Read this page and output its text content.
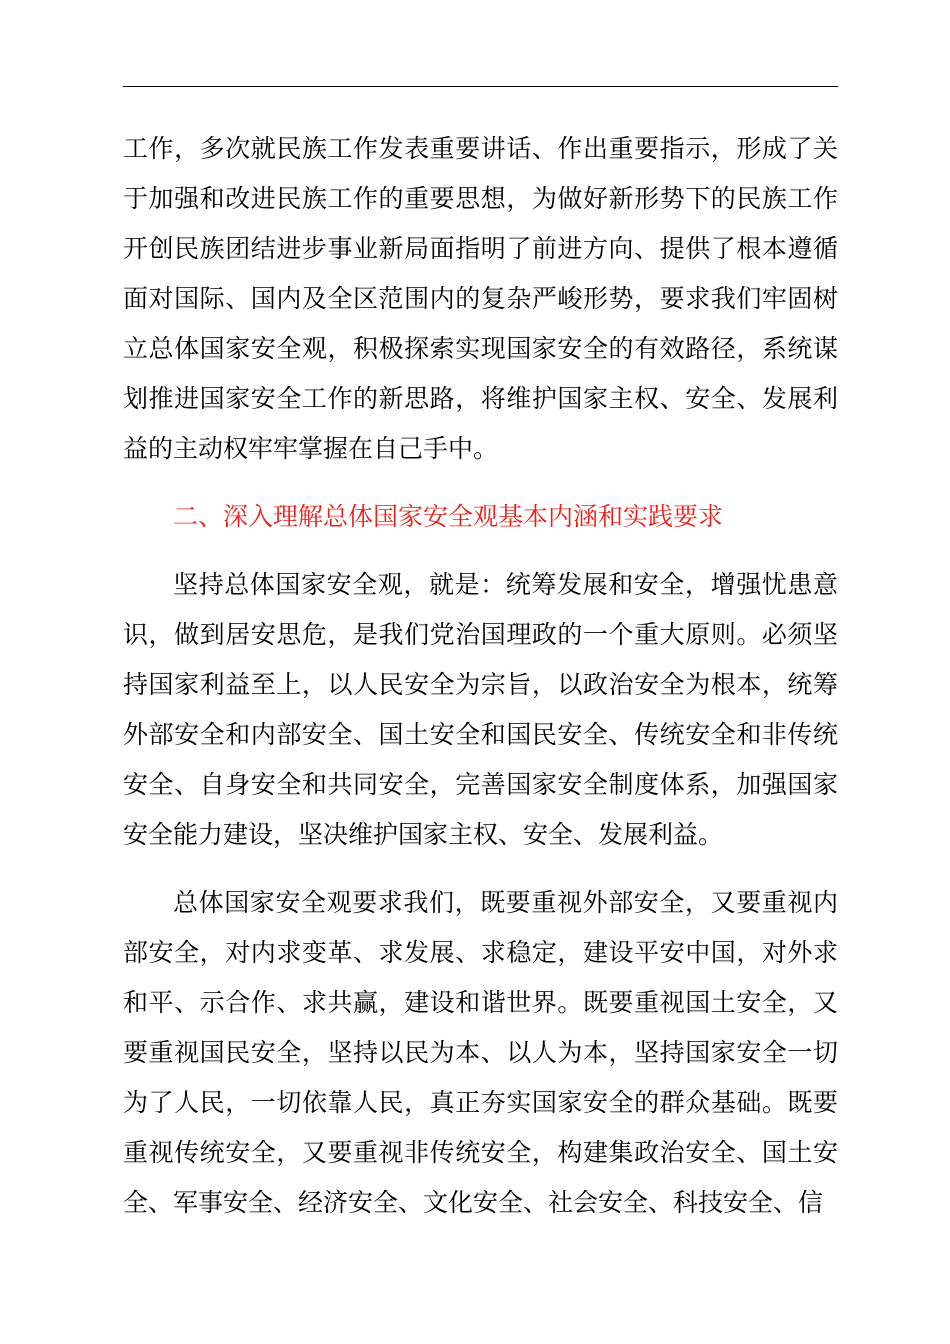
工作，多次就民族工作发表重要讲话、作出重要指示，形成了关于加强和改进民族工作的重要思想，为做好新形势下的民族工作开创民族团结进步事业新局面指明了前进方向、提供了根本遵循面对国际、国内及全区范围内的复杂严峻形势，要求我们牢固树立总体国家安全观，积极探索实现国家安全的有效路径，系统谋划推进国家安全工作的新思路，将维护国家主权、安全、发展利益的主动权牢牢掌握在自己手中。

二、深入理解总体国家安全观基本内涵和实践要求

坚持总体国家安全观，就是：统筹发展和安全，增强忧患意识，做到居安思危，是我们党治国理政的一个重大原则。必须坚持国家利益至上，以人民安全为宗旨，以政治安全为根本，统筹外部安全和内部安全、国土安全和国民安全、传统安全和非传统安全、自身安全和共同安全，完善国家安全制度体系，加强国家安全能力建设，坚决维护国家主权、安全、发展利益。

总体国家安全观要求我们，既要重视外部安全，又要重视内部安全，对内求变革、求发展、求稳定，建设平安中国，对外求和平、示合作、求共赢，建设和谐世界。既要重视国土安全，又要重视国民安全，坚持以民为本、以人为本，坚持国家安全一切为了人民，一切依靠人民，真正夯实国家安全的群众基础。既要重视传统安全，又要重视非传统安全，构建集政治安全、国土安全、军事安全、经济安全、文化安全、社会安全、科技安全、信
